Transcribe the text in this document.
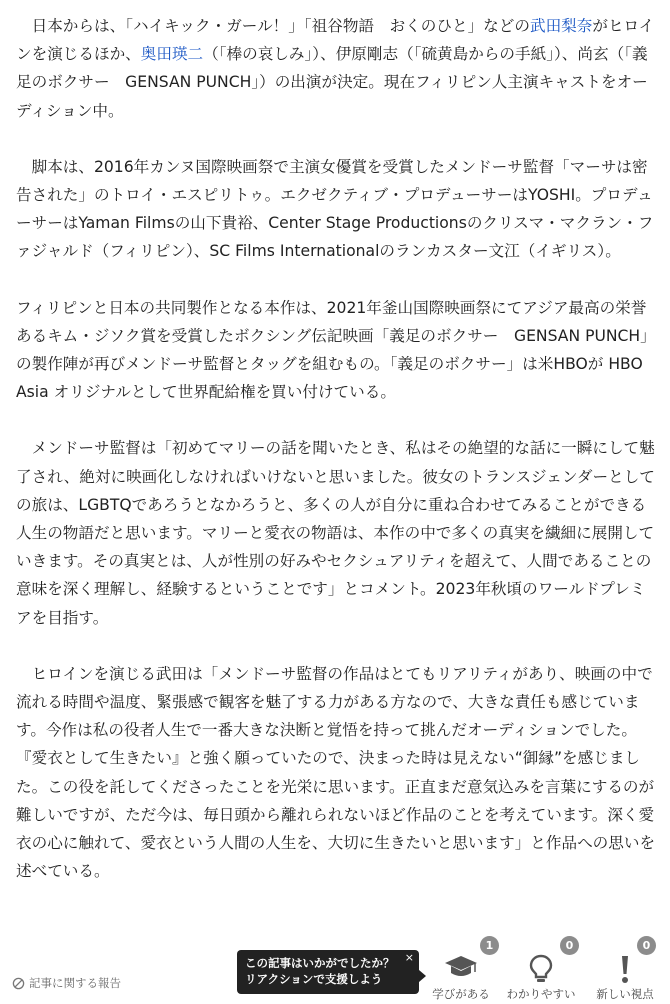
　日本からは、「ハイキック・ガール！」「祖谷物語　おくのひと」などの武田梨奈がヒロインを演じるほか、奥田瑛二（「棒の哀しみ」）、伊原剛志（「硫黄島からの手紙」）、尚玄（「義足のボクサー　GENSAN PUNCH」）の出演が決定。現在フィリピン人主演キャストをオーディション中。

　脚本は、2016年カンヌ国際映画祭で主演女優賞を受賞したメンドーサ監督「マーサは密告された」のトロイ・エスピリトゥ。エクゼクティブ・プロデューサーはYOSHI。プロデューサーはYaman Filmsの山下貴裕、Center Stage Productionsのクリスマ・マクラン・ファジャルド（フィリピン）、SC Films Internationalのランカスター文江（イギリス）。

フィリピンと日本の共同製作となる本作は、2021年釜山国際映画祭にてアジア最高の栄誉あるキム・ジソク賞を受賞したボクシング伝記映画「義足のボクサー　GENSAN PUNCH」の製作陣が再びメンドーサ監督とタッグを組むもの。「義足のボクサー」は米HBOが HBO Asia オリジナルとして世界配給権を買い付けている。

　メンドーサ監督は「初めてマリーの話を聞いたとき、私はその絶望的な話に一瞬にして魅了され、絶対に映画化しなければいけないと思いました。彼女のトランスジェンダーとしての旅は、LGBTQであろうとなかろうと、多くの人が自分に重ね合わせてみることができる人生の物語だと思います。マリーと愛衣の物語は、本作の中で多くの真実を繊細に展開していきます。その真実とは、人が性別の好みやセクシュアリティを超えて、人間であることの意味を深く理解し、経験するということです」とコメント。2023年秋頃のワールドプレミアを目指す。

　ヒロインを演じる武田は「メンドーサ監督の作品はとてもリアリティがあり、映画の中で流れる時間や温度、緊張感で観客を魅了する力がある方なので、大きな責任も感じています。今作は私の役者人生で一番大きな決断と覚悟を持って挑んだオーディションでした。『愛衣として生きたい』と強く願っていたので、決まった時は見えない“御縁”を感じました。この役を託してくださったことを光栄に思います。正直まだ意気込みを言葉にするのが難しいですが、ただ今は、毎日頭から離れられないほど作品のことを考えています。深く愛衣の心に触れて、愛衣という人間の人生を、大切に生きたいと思います」と作品への思いを述べている。

記事に関する報告
この記事はいかがでしたか？
リアクションで支援しよう
×
1
学びがある
0
わかりやすい
0
新しい視点
